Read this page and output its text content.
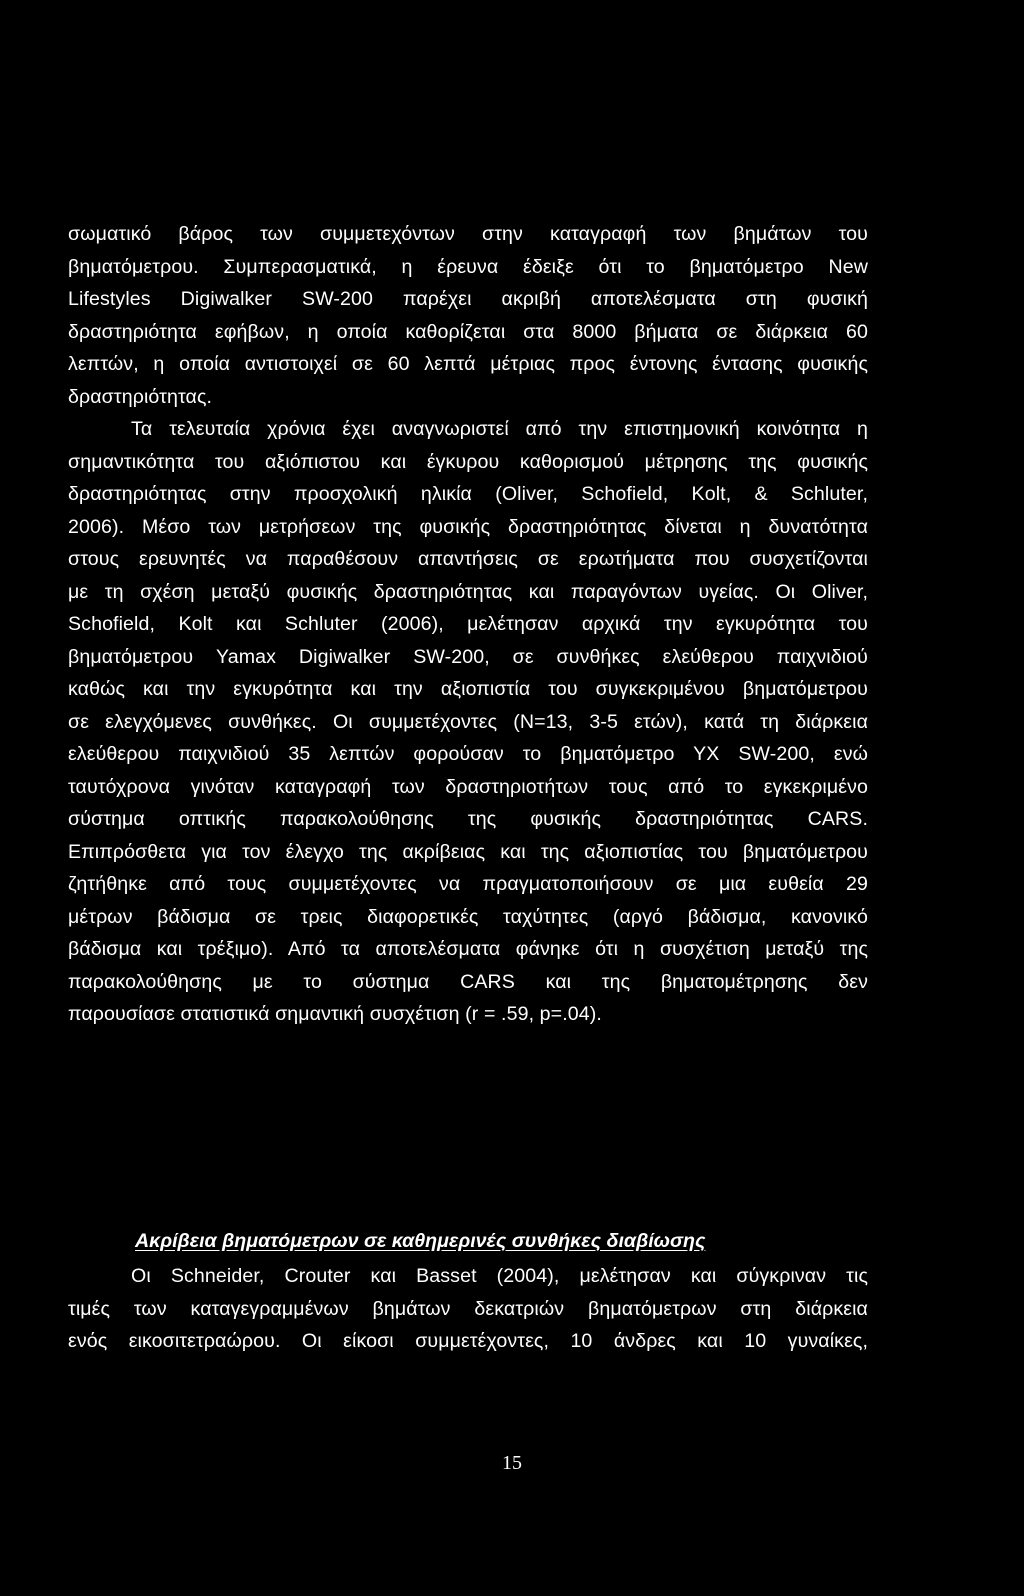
σωματικό βάρος των συμμετεχόντων στην καταγραφή των βημάτων του
βηματόμετρου. Συμπερασματικά, η έρευνα έδειξε ότι το βηματόμετρο New
Lifestyles Digiwalker SW-200 παρέχει ακριβή αποτελέσματα στη φυσική
δραστηριότητα εφήβων, η οποία καθορίζεται στα 8000 βήματα σε διάρκεια 60
λεπτών, η οποία αντιστοιχεί σε 60 λεπτά μέτριας προς έντονης έντασης φυσικής
δραστηριότητας.
Τα τελευταία χρόνια έχει αναγνωριστεί από την επιστημονική κοινότητα η
σημαντικότητα του αξιόπιστου και έγκυρου καθορισμού μέτρησης της φυσικής
δραστηριότητας στην προσχολική ηλικία (Oliver, Schofield, Kolt, & Schluter,
2006). Μέσο των μετρήσεων της φυσικής δραστηριότητας δίνεται η δυνατότητα
στους ερευνητές να παραθέσουν απαντήσεις σε ερωτήματα που συσχετίζονται
με τη σχέση μεταξύ φυσικής δραστηριότητας και παραγόντων υγείας. Οι Oliver,
Schofield, Kolt και Schluter (2006), μελέτησαν αρχικά την εγκυρότητα του
βηματόμετρου Yamax Digiwalker SW-200, σε συνθήκες ελεύθερου παιχνιδιού
καθώς και την εγκυρότητα και την αξιοπιστία του συγκεκριμένου βηματόμετρου
σε ελεγχόμενες συνθήκες. Οι συμμετέχοντες (Ν=13, 3-5 ετών), κατά τη διάρκεια
ελεύθερου παιχνιδιού 35 λεπτών φορούσαν το βηματόμετρο ΥΧ SW-200, ενώ
ταυτόχρονα γινόταν καταγραφή των δραστηριοτήτων τους από το εγκεκριμένο
σύστημα οπτικής παρακολούθησης της φυσικής δραστηριότητας CARS.
Επιπρόσθετα για τον έλεγχο της ακρίβειας και της αξιοπιστίας του βηματόμετρου
ζητήθηκε από τους συμμετέχοντες να πραγματοποιήσουν σε μια ευθεία 29
μέτρων βάδισμα σε τρεις διαφορετικές ταχύτητες (αργό βάδισμα, κανονικό
βάδισμα και τρέξιμο). Από τα αποτελέσματα φάνηκε ότι η συσχέτιση μεταξύ της
παρακολούθησης με το σύστημα CARS και της βηματομέτρησης δεν
παρουσίασε στατιστικά σημαντική συσχέτιση (r = .59, p=.04).
Ακρίβεια βηματόμετρων σε καθημερινές συνθήκες διαβίωσης
Οι Schneider, Crouter και Basset (2004), μελέτησαν και σύγκριναν τις
τιμές των καταγεγραμμένων βημάτων δεκατριών βηματόμετρων στη διάρκεια
ενός εικοσιτετραώρου. Οι είκοσι συμμετέχοντες, 10 άνδρες και 10 γυναίκες,
15
